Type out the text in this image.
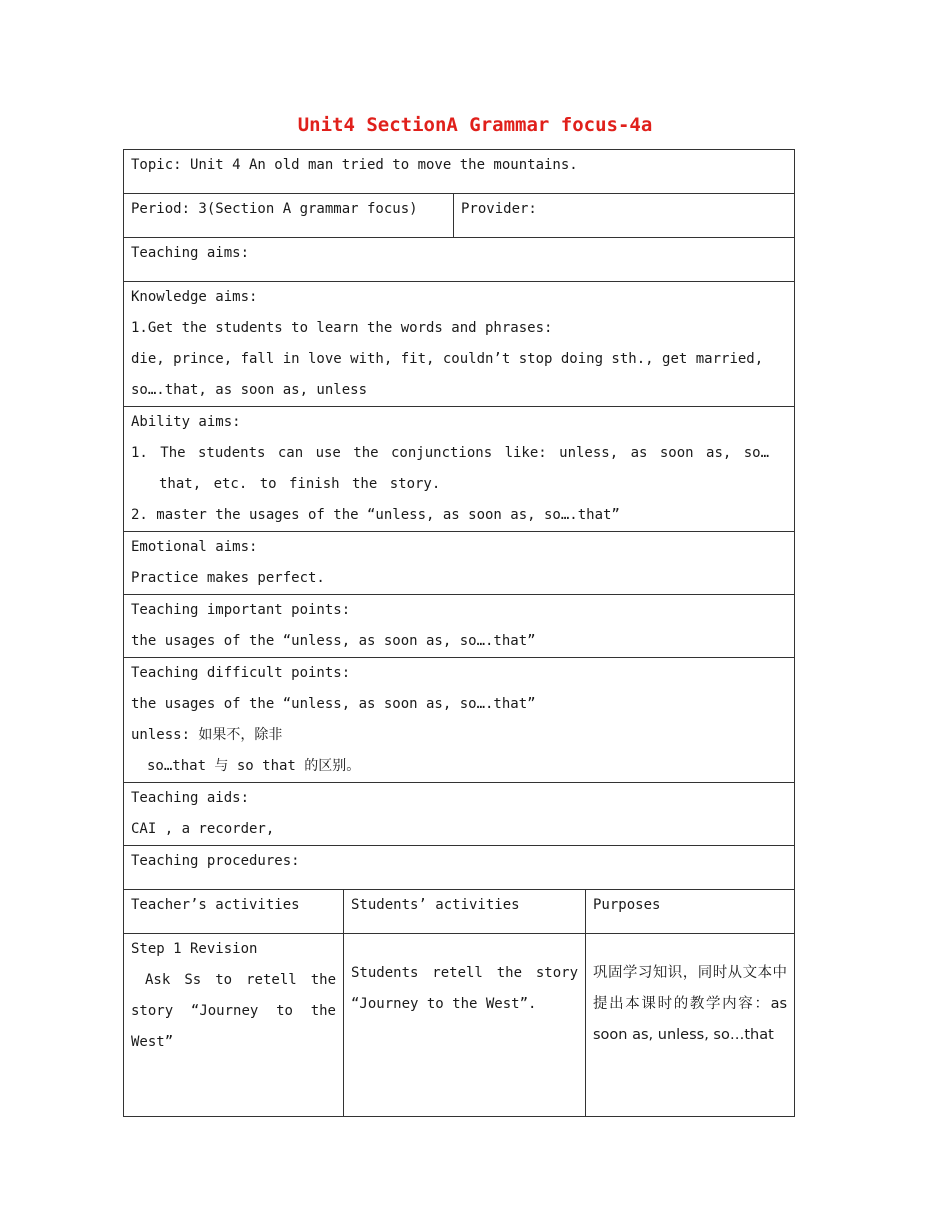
Unit4 SectionA Grammar focus-4a

Topic: Unit 4 An old man tried to move the mountains.			

Period: 3(Section A grammar focus)		Provider:	

Teaching aims:			

Knowledge aims:

1.Get the students to learn the words and phrases:

die, prince, fall in love with, fit, couldn’t stop doing sth., get married,

so….that, as soon as, unless			

Ability aims:

1. The students can use the conjunctions like: unless, as soon as, so…that, etc. to finish the story.

2. master the usages of the “unless, as soon as, so….that”			

Emotional aims:

Practice makes perfect.			

Teaching important points:

the usages of the “unless, as soon as, so….that”			

Teaching difficult points:

the usages of the “unless, as soon as, so….that”

unless: 如果不，除非

so…that 与 so that 的区别。			

Teaching aids:

CAI , a recorder,			

Teaching procedures:			

Teacher’s activities	Students’ activities		Purposes

Step 1 Revision

Ask Ss to retell the story “Journey to the West”	Students retell the story “Journey to the West”.		巩固学习知识，同时从文本中提出本课时的教学内容：as soon as, unless, so…that
